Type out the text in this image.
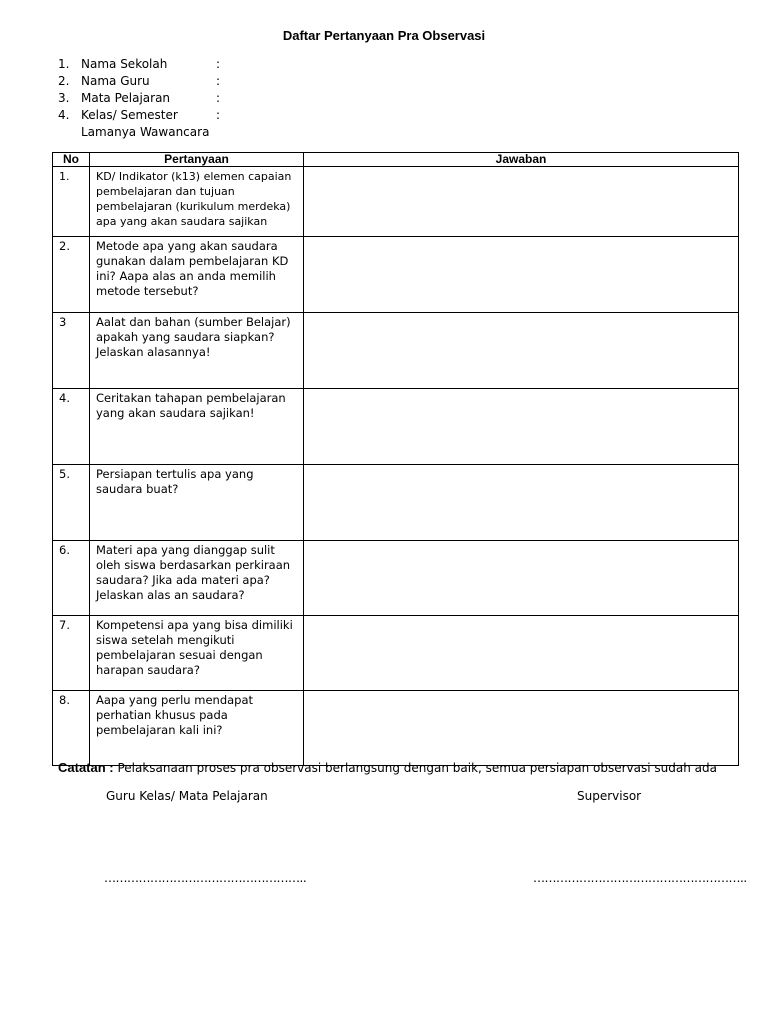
Daftar Pertanyaan Pra Observasi
1. Nama Sekolah	:
2. Nama Guru	:
3. Mata Pelajaran	:
4. Kelas/ Semester	:
Lamanya Wawancara
No	Pertanyaan	Jawaban
1.	KD/ Indikator (k13) elemen capaian pembelajaran dan tujuan pembelajaran (kurikulum merdeka) apa yang akan saudara sajikan	
2.	Metode apa yang akan saudara gunakan dalam pembelajaran KD ini? Aapa alas an anda memilih metode tersebut?	
3	Aalat dan bahan (sumber Belajar) apakah yang saudara siapkan? Jelaskan alasannya!	
4.	Ceritakan tahapan pembelajaran yang akan saudara sajikan!	
5.	Persiapan tertulis apa yang saudara buat?	
6.	Materi apa yang dianggap sulit oleh siswa berdasarkan perkiraan saudara? Jika ada materi apa? Jelaskan alas an saudara?	
7.	Kompetensi apa yang bisa dimiliki siswa setelah mengikuti pembelajaran sesuai dengan harapan saudara?	
8.	Aapa yang perlu mendapat perhatian khusus pada pembelajaran kali ini?	
Catatan : Pelaksanaan proses pra observasi berlangsung dengan baik, semua persiapan observasi sudah ada
Guru Kelas/ Mata Pelajaran	Supervisor
……………………………………………..	………………………………………………..
